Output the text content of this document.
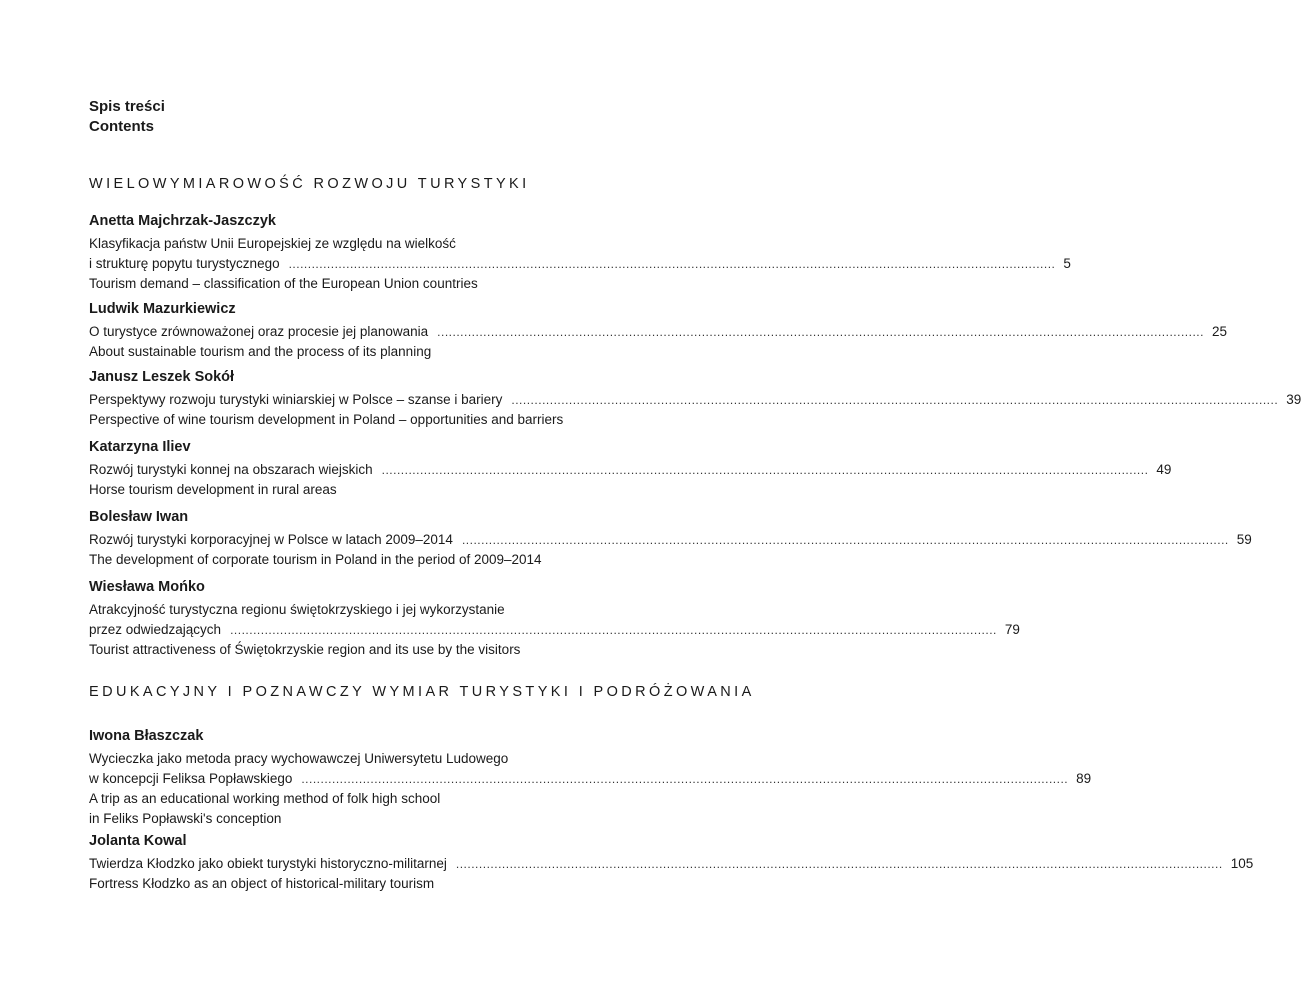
Spis treści
Contents
WIELOWYMIAROWOŚĆ ROZWOJU TURYSTYKI
Anetta Majchrzak-Jaszczyk
Klasyfikacja państw Unii Europejskiej ze względu na wielkość
i strukturę popytu turystycznego ........................................................................................................................................................................................................ 5
Tourism demand – classification of the European Union countries
Ludwik Mazurkiewicz
O turystyce zrównoważonej oraz procesie jej planowania ........................................................................................................................................................................................................ 25
About sustainable tourism and the process of its planning
Janusz Leszek Sokół
Perspektywy rozwoju turystyki winiarskiej w Polsce – szanse i bariery ........................................................................................................................................................................................................ 39
Perspective of wine tourism development in Poland – opportunities and barriers
Katarzyna Iliev
Rozwój turystyki konnej na obszarach wiejskich ........................................................................................................................................................................................................ 49
Horse tourism development in rural areas
Bolesław Iwan
Rozwój turystyki korporacyjnej w Polsce w latach 2009–2014 ........................................................................................................................................................................................................ 59
The development of corporate tourism in Poland in the period of 2009–2014
Wiesława Mońko
Atrakcyjność turystyczna regionu świętokrzyskiego i jej wykorzystanie
przez odwiedzających ........................................................................................................................................................................................................ 79
Tourist attractiveness of Świętokrzyskie region and its use by the visitors
EDUKACYJNY I POZNAWCZY WYMIAR TURYSTYKI I PODRÓŻOWANIA
Iwona Błaszczak
Wycieczka jako metoda pracy wychowawczej Uniwersytetu Ludowego
w koncepcji Feliksa Popławskiego ........................................................................................................................................................................................................ 89
A trip as an educational working method of folk high school
in Feliks Popławski's conception
Jolanta Kowal
Twierdza Kłodzko jako obiekt turystyki historyczno-militarnej ........................................................................................................................................................................................................ 105
Fortress Kłodzko as an object of historical-military tourism
